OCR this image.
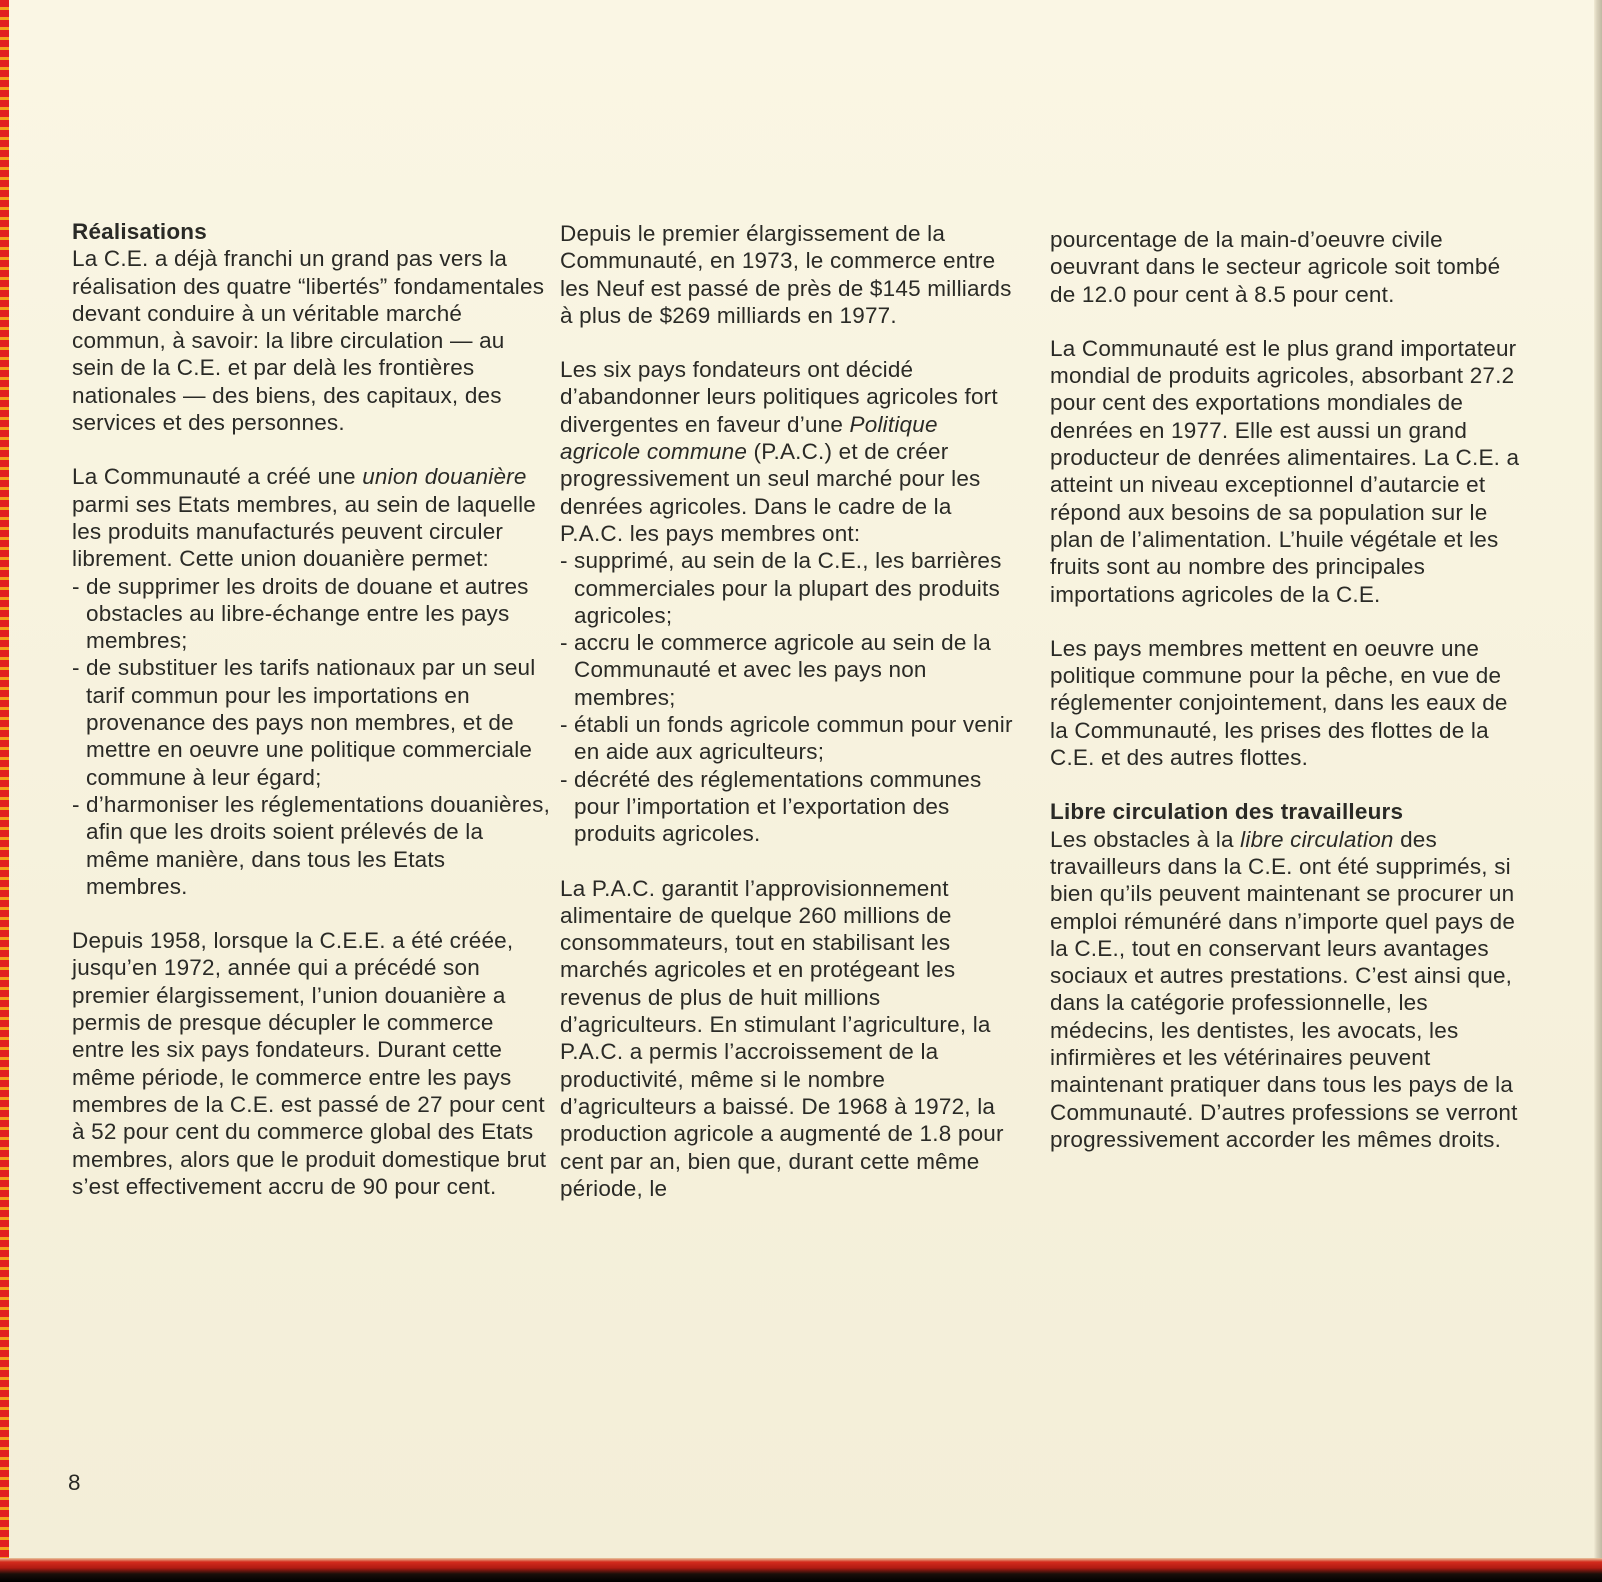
Réalisations

La C.E. a déjà franchi un grand pas vers la réalisation des quatre “libertés” fondamentales devant conduire à un véritable marché commun, à savoir: la libre circulation — au sein de la C.E. et par delà les frontières nationales — des biens, des capitaux, des services et des personnes.

La Communauté a créé une union douanière parmi ses Etats membres, au sein de laquelle les produits manufacturés peuvent circuler librement. Cette union douanière permet:

- de supprimer les droits de douane et autres obstacles au libre-échange entre les pays membres;

- de substituer les tarifs nationaux par un seul tarif commun pour les importations en provenance des pays non membres, et de mettre en oeuvre une politique commerciale commune à leur égard;

- d’harmoniser les réglementations douanières, afin que les droits soient prélevés de la même manière, dans tous les Etats membres.

Depuis 1958, lorsque la C.E.E. a été créée, jusqu’en 1972, année qui a précédé son premier élargissement, l’union douanière a permis de presque décupler le commerce entre les six pays fondateurs. Durant cette même période, le commerce entre les pays membres de la C.E. est passé de 27 pour cent à 52 pour cent du commerce global des Etats membres, alors que le produit domestique brut s’est effectivement accru de 90 pour cent.

Depuis le premier élargissement de la Communauté, en 1973, le commerce entre les Neuf est passé de près de $145 milliards à plus de $269 milliards en 1977.

Les six pays fondateurs ont décidé d’abandonner leurs politiques agricoles fort divergentes en faveur d’une Politique agricole commune (P.A.C.) et de créer progressivement un seul marché pour les denrées agricoles. Dans le cadre de la P.A.C. les pays membres ont:

- supprimé, au sein de la C.E., les barrières commerciales pour la plupart des produits agricoles;

- accru le commerce agricole au sein de la Communauté et avec les pays non membres;

- établi un fonds agricole commun pour venir en aide aux agriculteurs;

- décrété des réglementations communes pour l’importation et l’exportation des produits agricoles.

La P.A.C. garantit l’approvisionnement alimentaire de quelque 260 millions de consommateurs, tout en stabilisant les marchés agricoles et en protégeant les revenus de plus de huit millions d’agriculteurs. En stimulant l’agriculture, la P.A.C. a permis l’accroissement de la productivité, même si le nombre d’agriculteurs a baissé. De 1968 à 1972, la production agricole a augmenté de 1.8 pour cent par an, bien que, durant cette même période, le

pourcentage de la main-d’oeuvre civile oeuvrant dans le secteur agricole soit tombé de 12.0 pour cent à 8.5 pour cent.

La Communauté est le plus grand importateur mondial de produits agricoles, absorbant 27.2 pour cent des exportations mondiales de denrées en 1977. Elle est aussi un grand producteur de denrées alimentaires. La C.E. a atteint un niveau exceptionnel d’autarcie et répond aux besoins de sa population sur le plan de l’alimentation. L’huile végétale et les fruits sont au nombre des principales importations agricoles de la C.E.

Les pays membres mettent en oeuvre une politique commune pour la pêche, en vue de réglementer conjointement, dans les eaux de la Communauté, les prises des flottes de la C.E. et des autres flottes.

Libre circulation des travailleurs

Les obstacles à la libre circulation des travailleurs dans la C.E. ont été supprimés, si bien qu’ils peuvent maintenant se procurer un emploi rémunéré dans n’importe quel pays de la C.E., tout en conservant leurs avantages sociaux et autres prestations. C’est ainsi que, dans la catégorie professionnelle, les médecins, les dentistes, les avocats, les infirmières et les vétérinaires peuvent maintenant pratiquer dans tous les pays de la Communauté. D’autres professions se verront progressivement accorder les mêmes droits.

8
